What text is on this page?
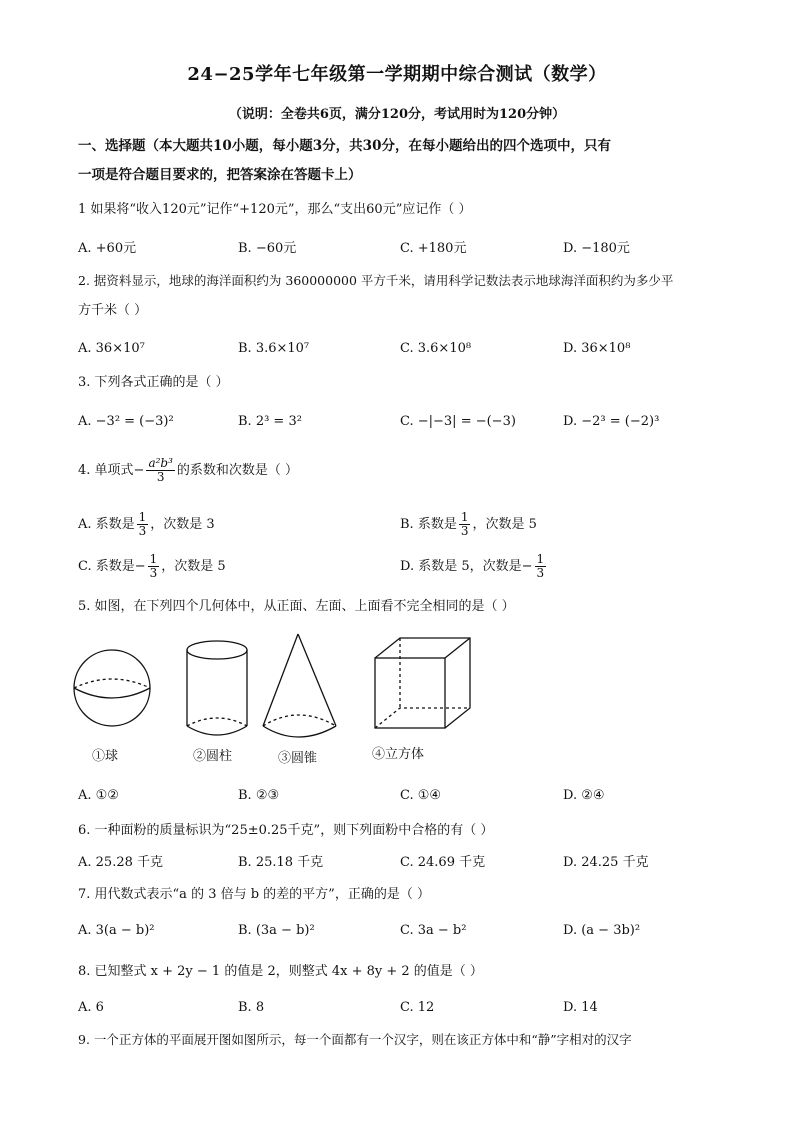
24−25学年七年级第一学期期中综合测试（数学）
（说明：全卷共6页，满分120分，考试用时为120分钟）
一、选择题（本大题共10小题，每小题3分，共30分，在每小题给出的四个选项中，只有
一项是符合题目要求的，把答案涂在答题卡上）
1 如果将“收入120元”记作“+120元”，那么“支出60元”应记作（ ）
A. +60元	B. −60元	C. +180元	D. −180元
2. 据资料显示，地球的海洋面积约为 360000000 平方千米，请用科学记数法表示地球海洋面积约为多少平
方千米（ ）
A. 36×10⁷	B. 3.6×10⁷	C. 3.6×10⁸	D. 36×10⁸
3. 下列各式正确的是（ ）
A. −3² = (−3)²	B. 2³ = 3²	C. −|−3| = −(−3)	D. −2³ = (−2)³
4. 单项式− $\frac{\text{a²b³}}{3}$ 的系数和次数是（ ）
A. 系数是 $\frac{1}{3}$ ，次数是 3	B. 系数是 $\frac{1}{3}$ ，次数是 5
C. 系数是− $\frac{1}{3}$ ，次数是 5	D. 系数是 5，次数是− $\frac{1}{3}$
5. 如图，在下列四个几何体中，从正面、左面、上面看不完全相同的是（ ）
①球	②圆柱	③圆锥	④立方体
A. ①②	B. ②③	C. ①④	D. ②④
6. 一种面粉的质量标识为“25±0.25千克”，则下列面粉中合格的有（ ）
A. 25.28 千克	B. 25.18 千克	C. 24.69 千克	D. 24.25 千克
7. 用代数式表示“a 的 3 倍与 b 的差的平方”，正确的是（ ）
A. 3(a − b)²	B. (3a − b)²	C. 3a − b²	D. (a − 3b)²
8. 已知整式 x + 2y − 1 的值是 2，则整式 4x + 8y + 2 的值是（ ）
A. 6	B. 8	C. 12	D. 14
9. 一个正方体的平面展开图如图所示，每一个面都有一个汉字，则在该正方体中和“静”字相对的汉字
